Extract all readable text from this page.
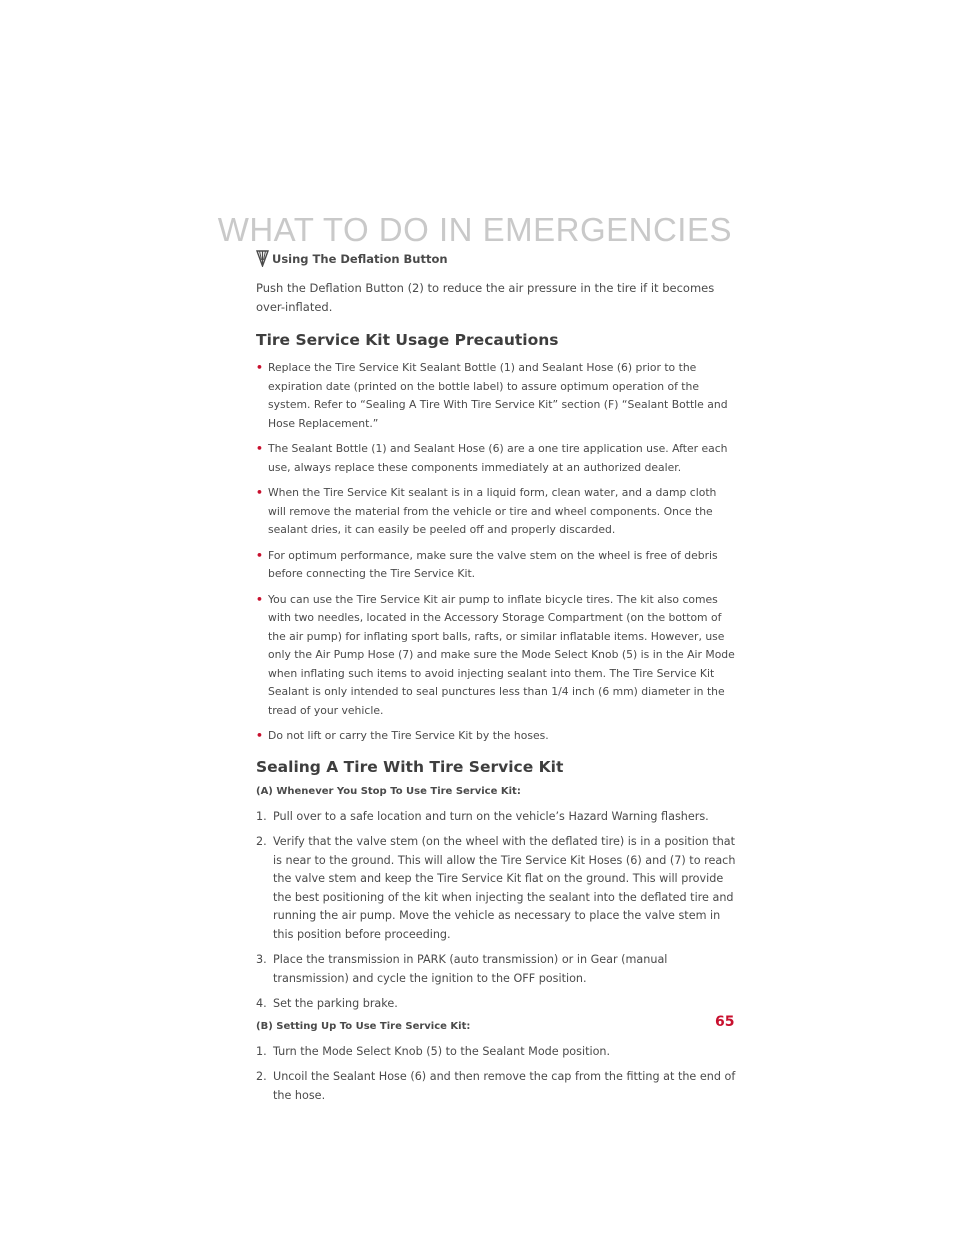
WHAT TO DO IN EMERGENCIES
Using The Deflation Button

Push the Deflation Button (2) to reduce the air pressure in the tire if it becomes over-inflated.

Tire Service Kit Usage Precautions
• Replace the Tire Service Kit Sealant Bottle (1) and Sealant Hose (6) prior to the expiration date (printed on the bottle label) to assure optimum operation of the system. Refer to “Sealing A Tire With Tire Service Kit” section (F) “Sealant Bottle and Hose Replacement.”
• The Sealant Bottle (1) and Sealant Hose (6) are a one tire application use. After each use, always replace these components immediately at an authorized dealer.
• When the Tire Service Kit sealant is in a liquid form, clean water, and a damp cloth will remove the material from the vehicle or tire and wheel components. Once the sealant dries, it can easily be peeled off and properly discarded.
• For optimum performance, make sure the valve stem on the wheel is free of debris before connecting the Tire Service Kit.
• You can use the Tire Service Kit air pump to inflate bicycle tires. The kit also comes with two needles, located in the Accessory Storage Compartment (on the bottom of the air pump) for inflating sport balls, rafts, or similar inflatable items. However, use only the Air Pump Hose (7) and make sure the Mode Select Knob (5) is in the Air Mode when inflating such items to avoid injecting sealant into them. The Tire Service Kit Sealant is only intended to seal punctures less than 1/4 inch (6 mm) diameter in the tread of your vehicle.
• Do not lift or carry the Tire Service Kit by the hoses.
Sealing A Tire With Tire Service Kit
(A) Whenever You Stop To Use Tire Service Kit:
1. Pull over to a safe location and turn on the vehicle’s Hazard Warning flashers.
2. Verify that the valve stem (on the wheel with the deflated tire) is in a position that is near to the ground. This will allow the Tire Service Kit Hoses (6) and (7) to reach the valve stem and keep the Tire Service Kit flat on the ground. This will provide the best positioning of the kit when injecting the sealant into the deflated tire and running the air pump. Move the vehicle as necessary to place the valve stem in this position before proceeding.
3. Place the transmission in PARK (auto transmission) or in Gear (manual transmission) and cycle the ignition to the OFF position.
4. Set the parking brake.
(B) Setting Up To Use Tire Service Kit:
1. Turn the Mode Select Knob (5) to the Sealant Mode position.
2. Uncoil the Sealant Hose (6) and then remove the cap from the fitting at the end of the hose.
65
